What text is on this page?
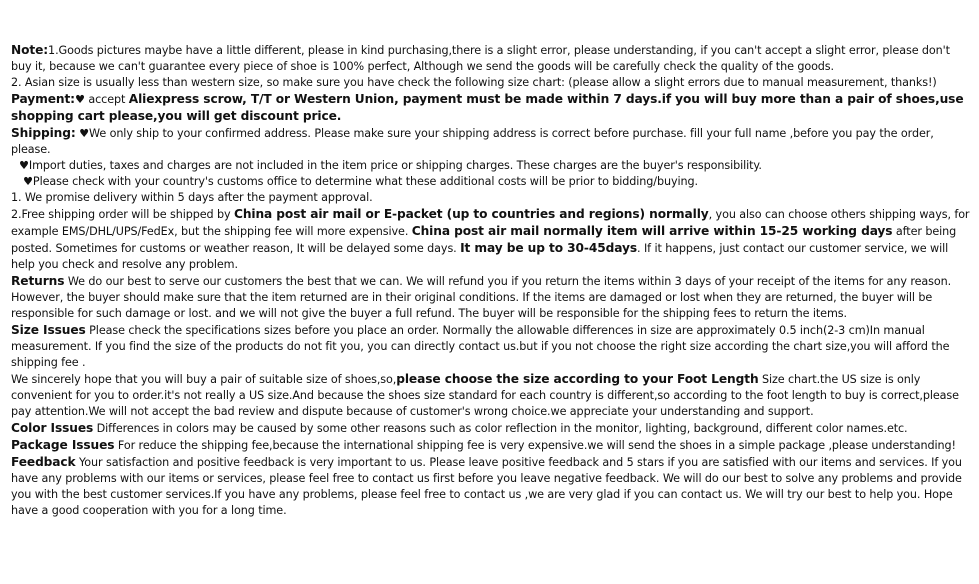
Note:1.Goods pictures maybe have a little different, please in kind purchasing,there is a slight error, please understanding, if you can't accept a slight error, please don't buy it, because we can't guarantee every piece of shoe is 100% perfect, Although we send the goods will be carefully check the quality of the goods.

2. Asian size is usually less than western size, so make sure you have check the following size chart: (please allow a slight errors due to manual measurement, thanks!)

Payment:♥ accept Aliexpress scrow, T/T or Western Union, payment must be made within 7 days.if you will buy more than a pair of shoes,use shopping cart please,you will get discount price.

Shipping: ♥We only ship to your confirmed address. Please make sure your shipping address is correct before purchase. fill your full name ,before you pay the order, please.

♥Import duties, taxes and charges are not included in the item price or shipping charges. These charges are the buyer's responsibility.

♥Please check with your country's customs office to determine what these additional costs will be prior to bidding/buying.

1. We promise delivery within 5 days after the payment approval.

2.Free shipping order will be shipped by China post air mail or E-packet (up to countries and regions) normally, you also can choose others shipping ways, for example EMS/DHL/UPS/FedEx, but the shipping fee will more expensive. China post air mail normally item will arrive within 15-25 working days after being posted. Sometimes for customs or weather reason, It will be delayed some days. It may be up to 30-45days. If it happens, just contact our customer service, we will help you check and resolve any problem.

Returns We do our best to serve our customers the best that we can. We will refund you if you return the items within 3 days of your receipt of the items for any reason. However, the buyer should make sure that the item returned are in their original conditions. If the items are damaged or lost when they are returned, the buyer will be responsible for such damage or lost. and we will not give the buyer a full refund. The buyer will be responsible for the shipping fees to return the items.

Size Issues Please check the specifications sizes before you place an order. Normally the allowable differences in size are approximately 0.5 inch(2-3 cm)In manual measurement. If you find the size of the products do not fit you, you can directly contact us.but if you not choose the right size according the chart size,you will afford the shipping fee .

We sincerely hope that you will buy a pair of suitable size of shoes,so,please choose the size according to your Foot Length Size chart.the US size is only convenient for you to order.it's not really a US size.And because the shoes size standard for each country is different,so according to the foot length to buy is correct,please pay attention.We will not accept the bad review and dispute because of customer's wrong choice.we appreciate your understanding and support.

Color Issues Differences in colors may be caused by some other reasons such as color reflection in the monitor, lighting, background, different color names.etc.

Package Issues For reduce the shipping fee,because the international shipping fee is very expensive.we will send the shoes in a simple package ,please understanding!

Feedback Your satisfaction and positive feedback is very important to us. Please leave positive feedback and 5 stars if you are satisfied with our items and services. If you have any problems with our items or services, please feel free to contact us first before you leave negative feedback. We will do our best to solve any problems and provide you with the best customer services.If you have any problems, please feel free to contact us ,we are very glad if you can contact us. We will try our best to help you. Hope have a good cooperation with you for a long time.
